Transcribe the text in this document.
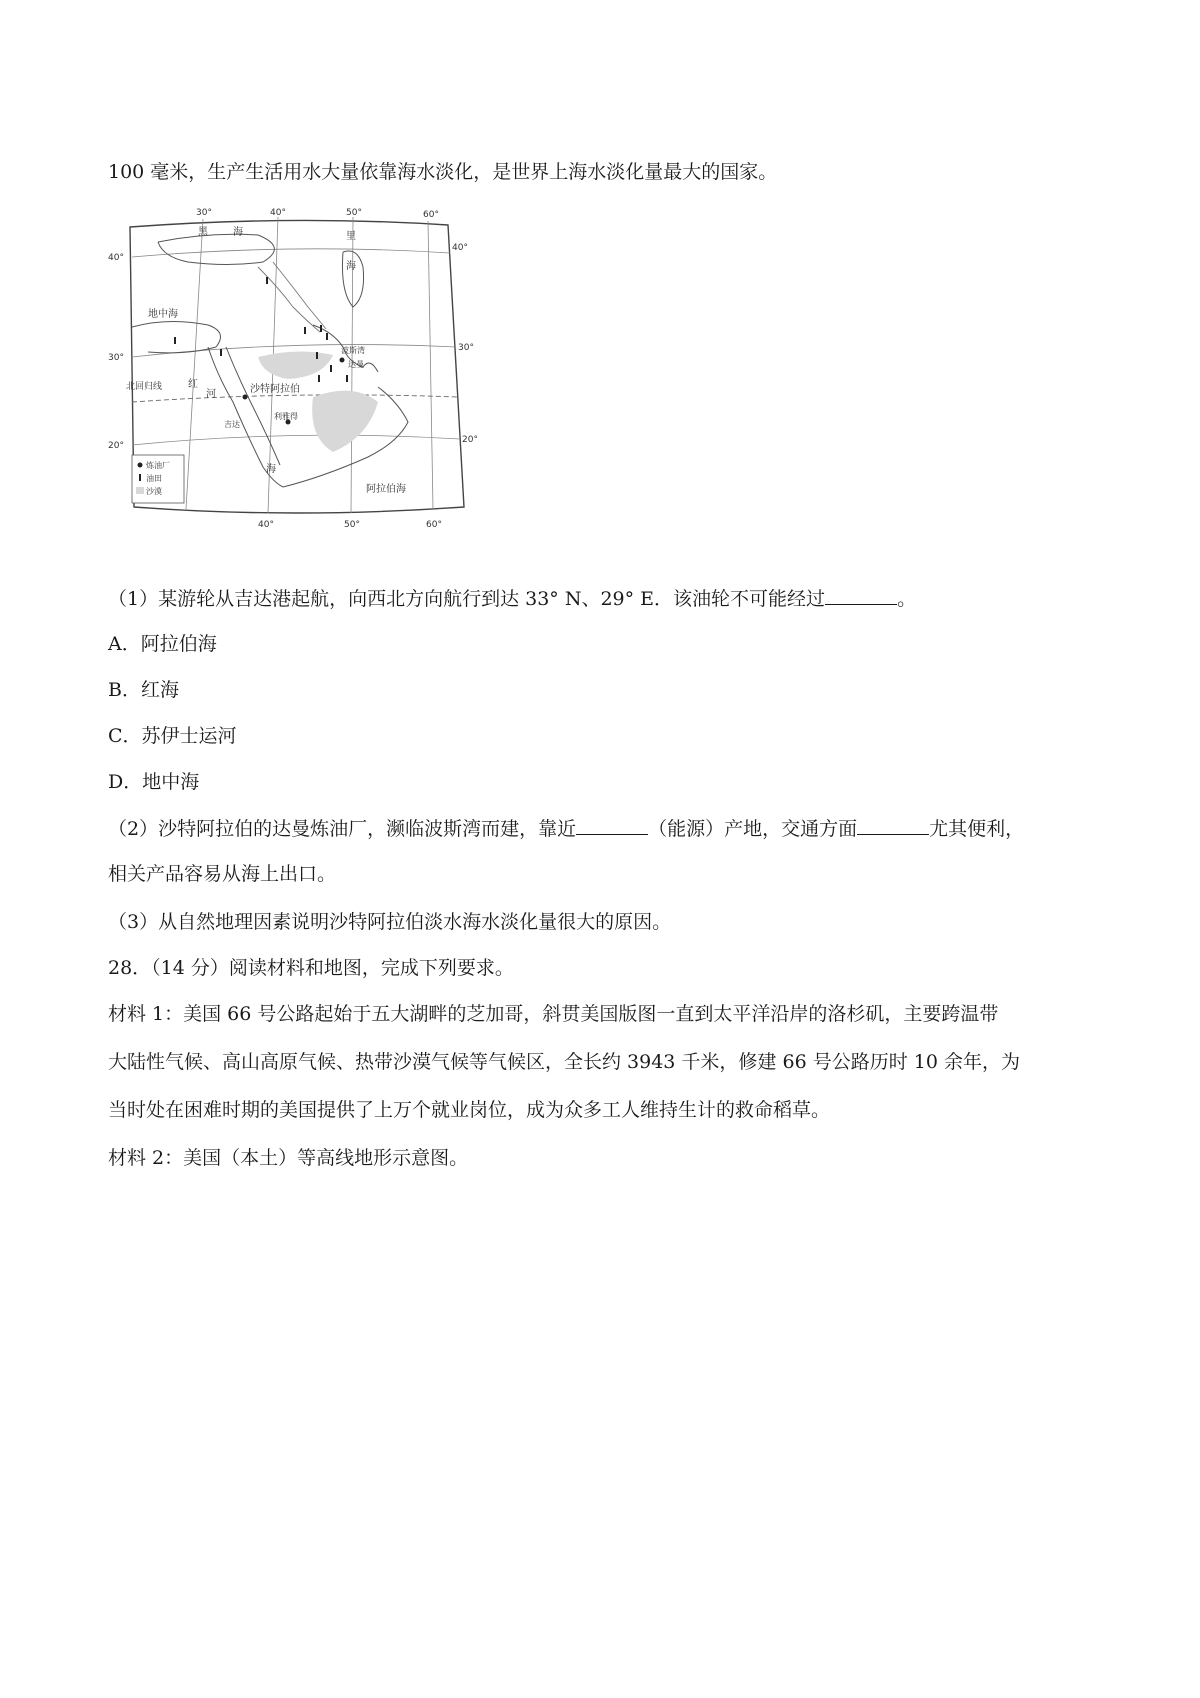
100 毫米，生产生活用水大量依靠海水淡化，是世界上海水淡化量最大的国家。
30°	40°	50°	60°
40°	50°	60°
40°
30°
20°
40°
30°
20°
黑	海	里
海
地中海
红
海
河
波斯湾
沙特阿拉伯
北回归线
达曼
利雅得
吉达
阿拉伯海
炼油厂
油田
沙漠
（1）某游轮从吉达港起航，向西北方向航行到达 33° N、29° E．该油轮不可能经过	。
A．阿拉伯海
B．红海
C．苏伊士运河
D．地中海
（2）沙特阿拉伯的达曼炼油厂，濒临波斯湾而建，靠近	（能源）产地，交通方面	尤其便利，
相关产品容易从海上出口。
（3）从自然地理因素说明沙特阿拉伯淡水海水淡化量很大的原因。
28．（14 分）阅读材料和地图，完成下列要求。
材料 1：美国 66 号公路起始于五大湖畔的芝加哥，斜贯美国版图一直到太平洋沿岸的洛杉矶，主要跨温带
大陆性气候、高山高原气候、热带沙漠气候等气候区，全长约 3943 千米，修建 66 号公路历时 10 余年，为
当时处在困难时期的美国提供了上万个就业岗位，成为众多工人维持生计的救命稻草。
材料 2：美国（本土）等高线地形示意图。
